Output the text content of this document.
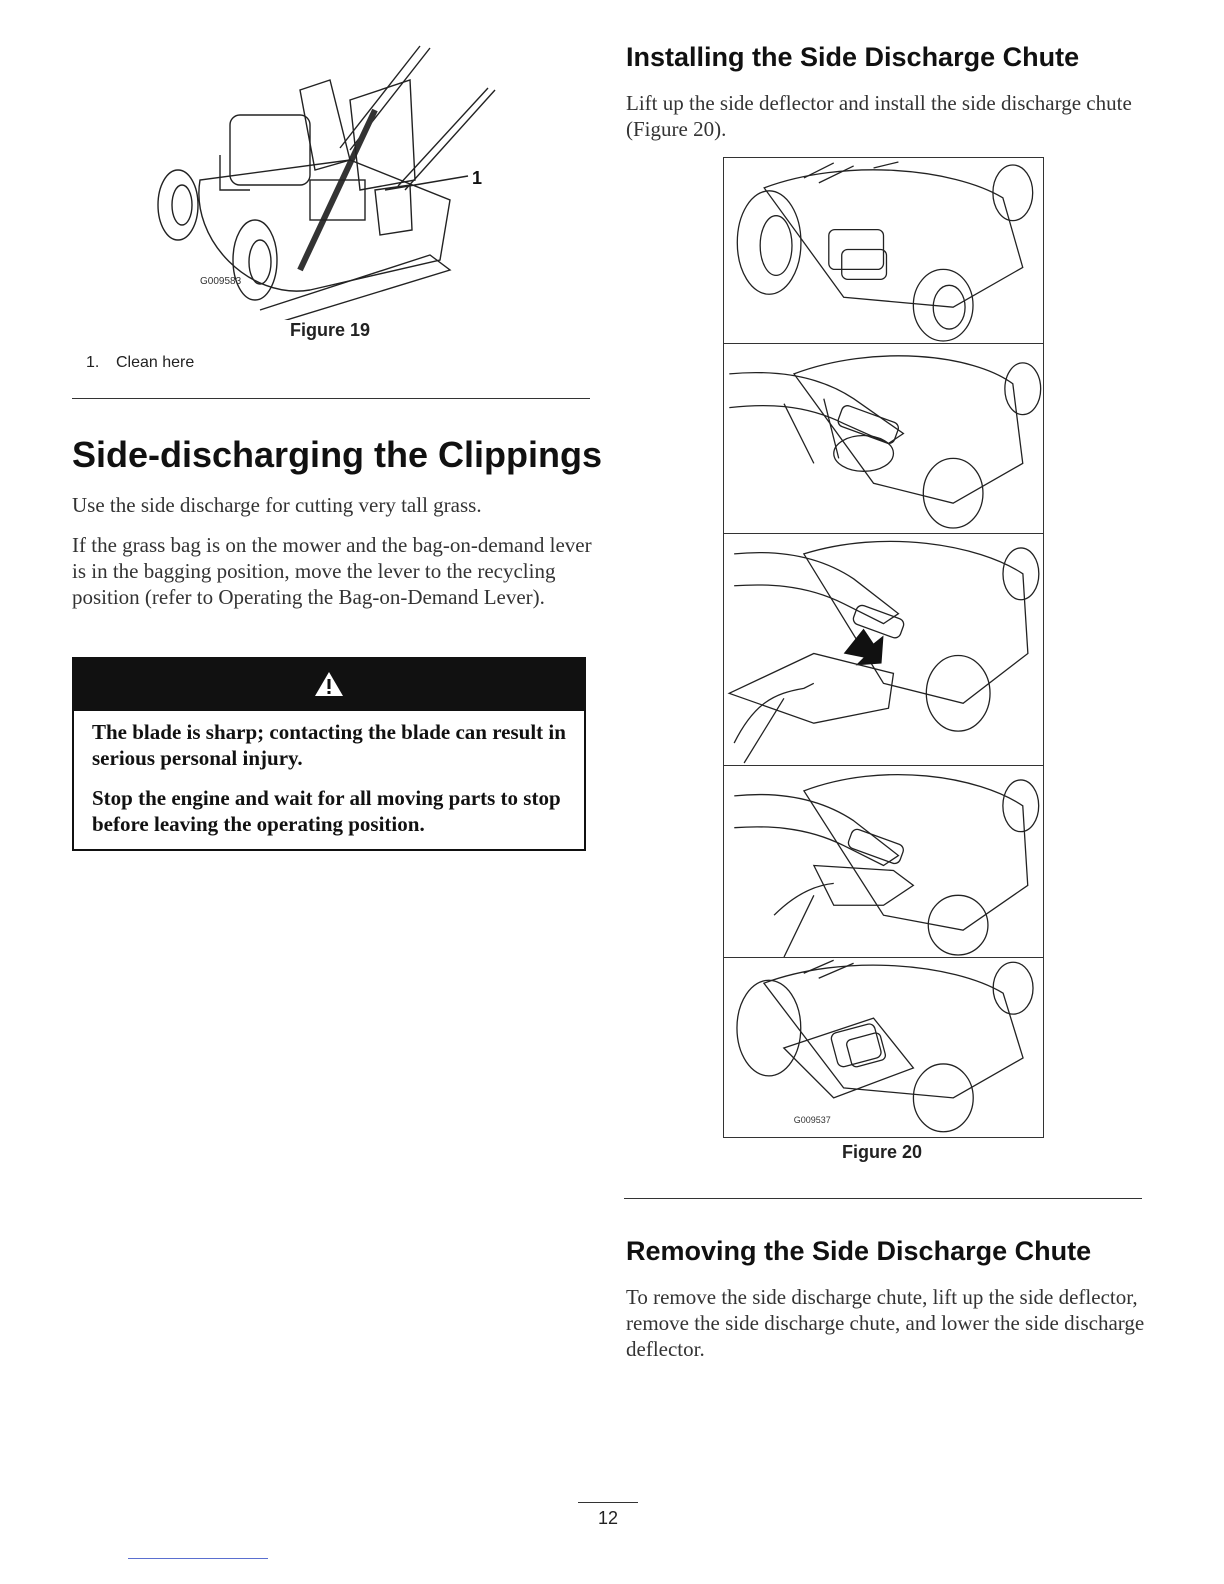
1
G009583
Figure 19
1. Clean here
Side-discharging the Clippings
Use the side discharge for cutting very tall grass.
If the grass bag is on the mower and the bag-on-demand lever is in the bagging position, move the lever to the recycling position (refer to Operating the Bag-on-Demand Lever).

The blade is sharp; contacting the blade can result in serious personal injury.

Stop the engine and wait for all moving parts to stop before leaving the operating position.

Installing the Side Discharge Chute
Lift up the side deflector and install the side discharge chute (Figure 20).
G009537
Figure 20
Removing the Side Discharge Chute
To remove the side discharge chute, lift up the side deflector, remove the side discharge chute, and lower the side discharge deflector.
12
